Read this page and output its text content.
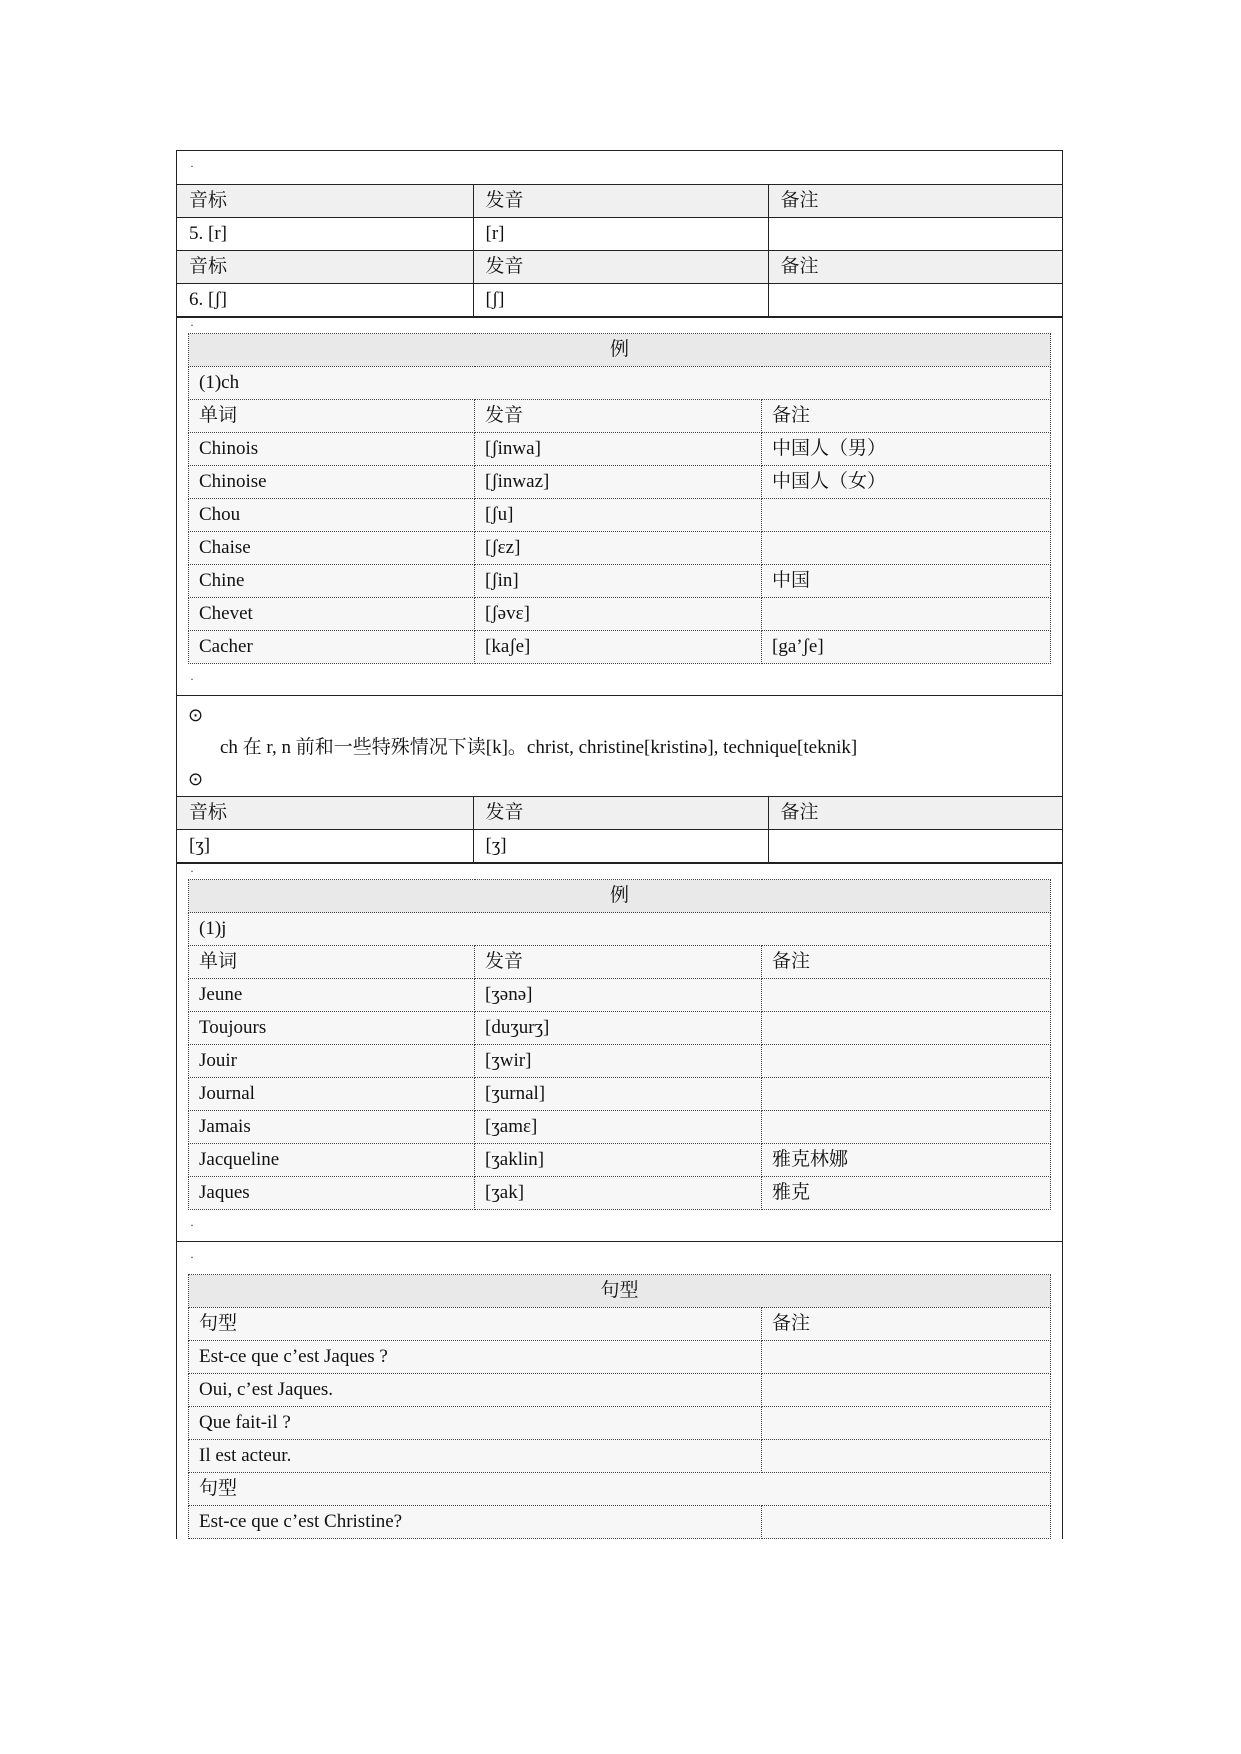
·
音标	发音	备注
5. [r]	[r]	
音标	发音	备注
6. [ʃ]	[ʃ]	
·
例		
(1)ch		
单词	发音	备注
Chinois	[ʃinwa]	中国人（男）
Chinoise	[ʃinwaz]	中国人（女）
Chou	[ʃu]	
Chaise	[ʃɛz]	
Chine	[ʃin]	中国
Chevet	[ʃəvɛ]	
Cacher	[kaʃe]	[ga’ʃe]
·
⊙
ch 在 r, n 前和一些特殊情况下读[k]。christ, christine[kristinə], technique[teknik]
⊙
音标	发音	备注
[ʒ]	[ʒ]	
·
例		
(1)j		
单词	发音	备注
Jeune	[ʒənə]	
Toujours	[duʒurʒ]	
Jouir	[ʒwir]	
Journal	[ʒurnal]	
Jamais	[ʒamɛ]	
Jacqueline	[ʒaklin]	雅克林娜
Jaques	[ʒak]	雅克
·
·
句型	
句型	备注
Est-ce que c’est Jaques ?	
Oui, c’est Jaques.	
Que fait-il ?	
Il est acteur.	
句型	
Est-ce que c’est Christine?	
